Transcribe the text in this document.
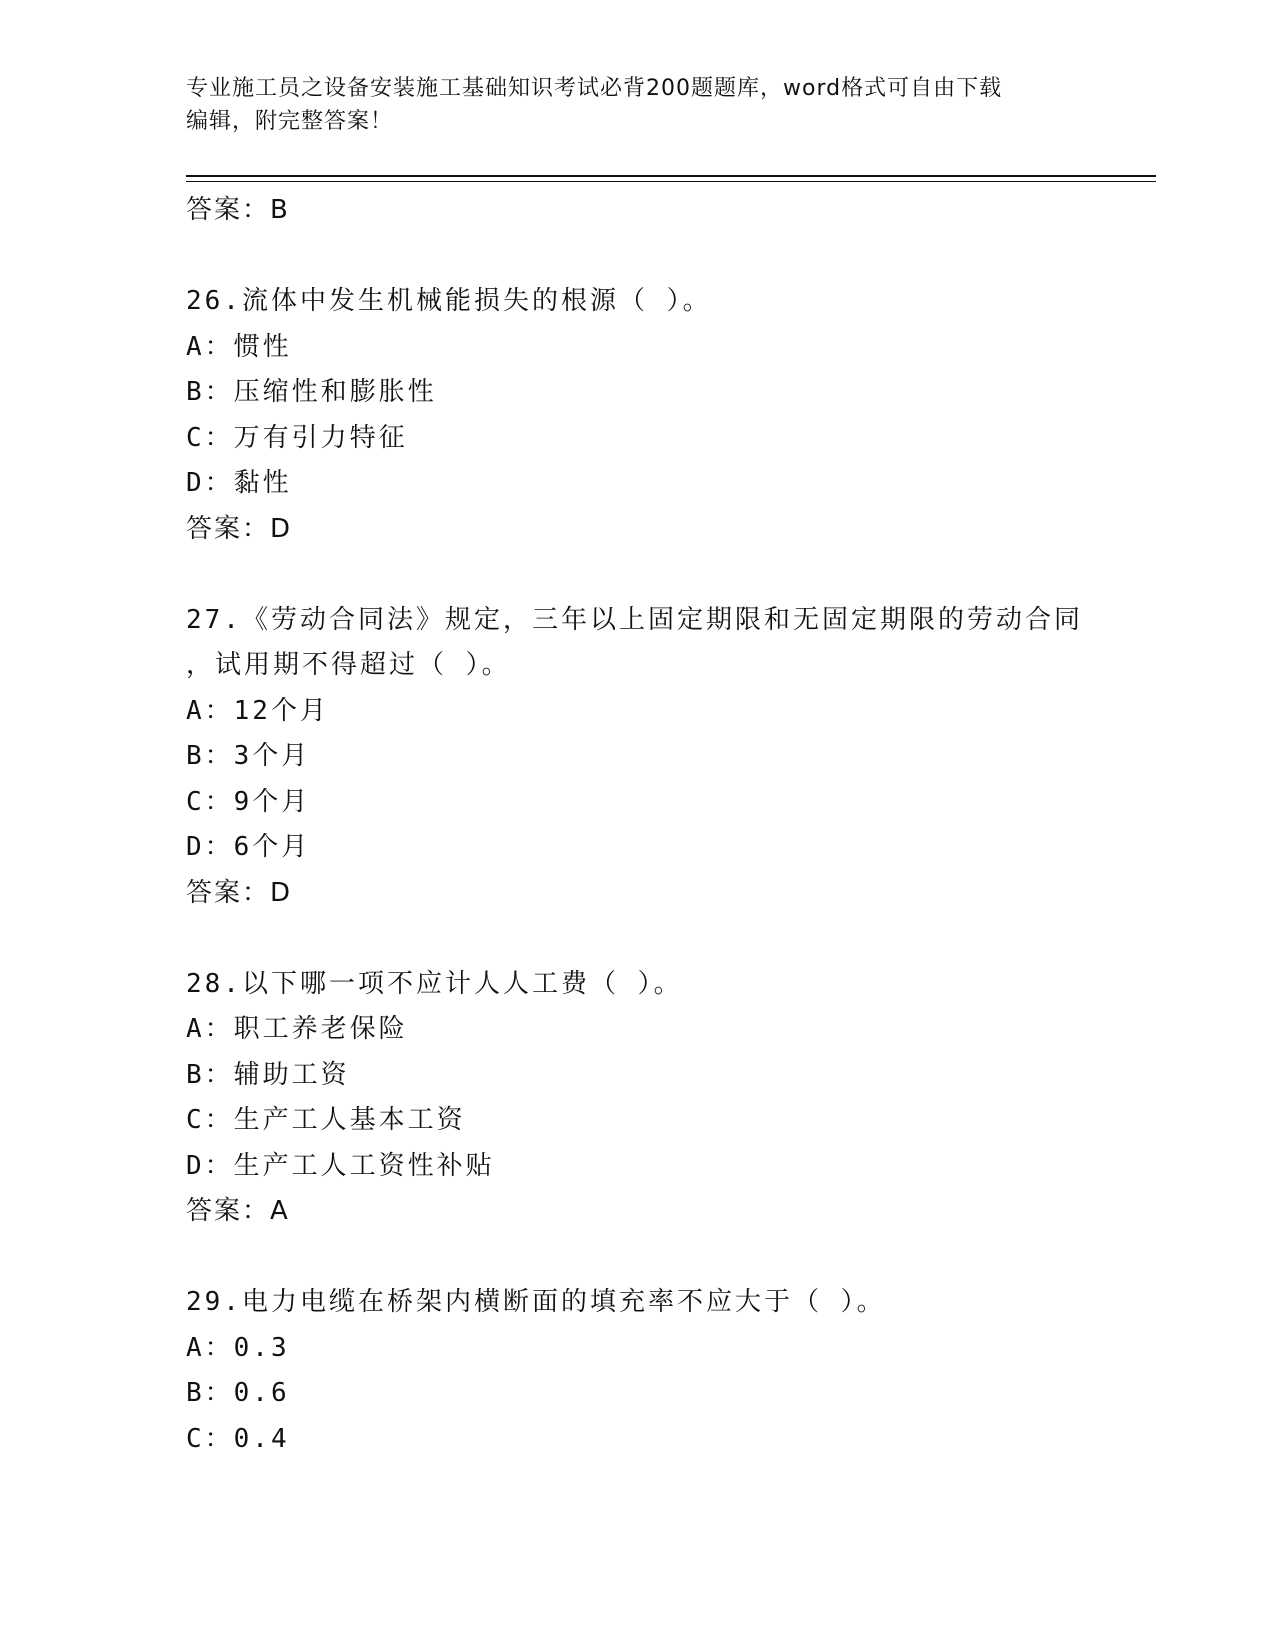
专业施工员之设备安装施工基础知识考试必背200题题库，word格式可自由下载
编辑，附完整答案！
答案：B
26.流体中发生机械能损失的根源（ ）。
A：惯性
B：压缩性和膨胀性
C：万有引力特征
D：黏性
答案：D
27.《劳动合同法》规定，三年以上固定期限和无固定期限的劳动合同
，试用期不得超过（ ）。
A：12个月
B：3个月
C：9个月
D：6个月
答案：D
28.以下哪一项不应计人人工费（ ）。
A：职工养老保险
B：辅助工资
C：生产工人基本工资
D：生产工人工资性补贴
答案：A
29.电力电缆在桥架内横断面的填充率不应大于（ ）。
A：0.3
B：0.6
C：0.4
